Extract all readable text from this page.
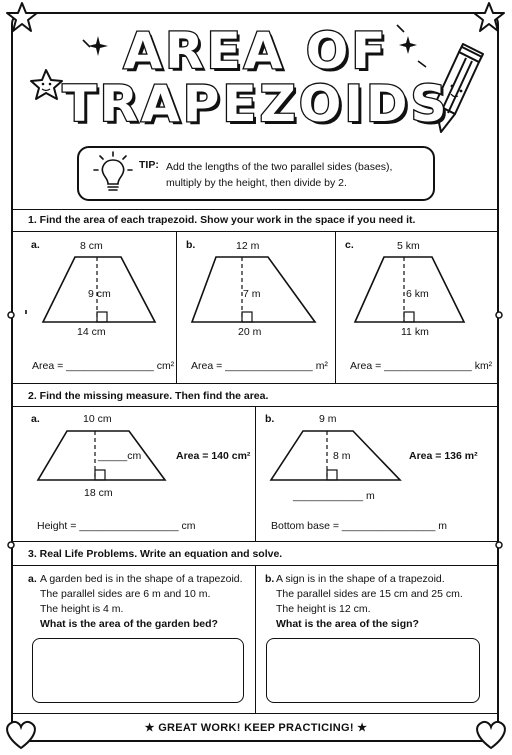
AREA OF
TRAPEZOIDS
TIP: Add the lengths of the two parallel sides (bases), multiply by the height, then divide by 2.
1. Find the area of each trapezoid. Show your work in the space if you need it.
a.	8 cm
9 cm
14 cm
Area = _______________ cm²
b.	12 m
7 m
20 m
Area = _______________ m²
c.	5 km
6 km
11 km
Area = _______________ km²
2. Find the missing measure. Then find the area.
a.	10 cm
_____cm
18 cm
Area = 140 cm²
Height = _________________ cm
b.	9 m
8 m
____________ m
Area = 136 m²
Bottom base = ________________ m
3. Real Life Problems. Write an equation and solve.
a. A garden bed is in the shape of a trapezoid.
The parallel sides are 6 m and 10 m.
The height is 4 m.
What is the area of the garden bed?
b. A sign is in the shape of a trapezoid.
The parallel sides are 15 cm and 25 cm.
The height is 12 cm.
What is the area of the sign?
★ GREAT WORK! KEEP PRACTICING! ★
